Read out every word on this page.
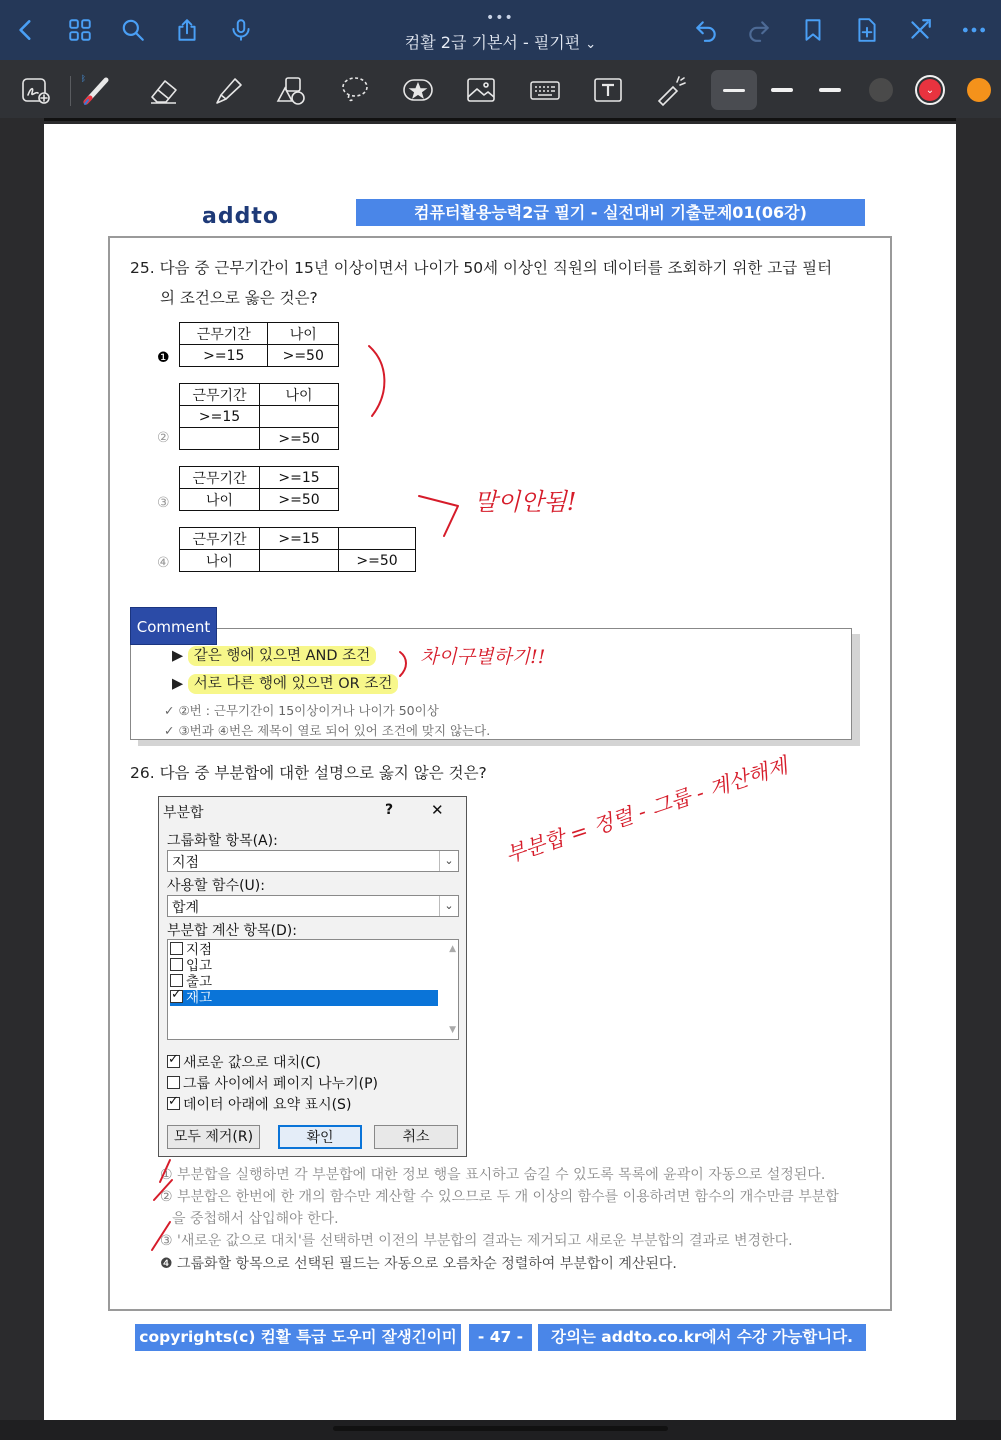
•••
컴활 2급 기본서 - 필기편 ⌄
ᛒ
⌄
addto	컴퓨터활용능력2급 필기 - 실전대비 기출문제01(06강)
25. 다음 중 근무기간이 15년 이상이면서 나이가 50세 이상인 직원의 데이터를 조회하기 위한 고급 필터
의 조건으로 옳은 것은?
❶
근무기간	나이
>=15	>=50
②
근무기간	나이
>=15	
	>=50
③
근무기간	>=15
나이	>=50
④
근무기간	>=15	
나이		>=50
Comment
▶ 같은 행에 있으면 AND 조건
▶ 서로 다른 행에 있으면 OR 조건
✓ ②번 : 근무기간이 15이상이거나 나이가 50이상
✓ ③번과 ④번은 제목이 열로 되어 있어 조건에 맞지 않는다.
26. 다음 중 부분합에 대한 설명으로 옳지 않은 것은?
부분합	?	✕
그룹화할 항목(A):
지점	⌄
사용할 함수(U):
합계	⌄
부분합 계산 항목(D):
지점
입고
출고
✓재고
▲
▼
✓새로운 값으로 대치(C)
그룹 사이에서 페이지 나누기(P)
✓데이터 아래에 요약 표시(S)
모두 제거(R)	확인	취소
① 부분합을 실행하면 각 부분합에 대한 정보 행을 표시하고 숨길 수 있도록 목록에 윤곽이 자동으로 설정된다.
② 부분합은 한번에 한 개의 함수만 계산할 수 있으므로 두 개 이상의 함수를 이용하려면 함수의 개수만큼 부분합
을 중첩해서 삽입해야 한다.
③ '새로운 값으로 대치'를 선택하면 이전의 부분합의 결과는 제거되고 새로운 부분합의 결과로 변경한다.
❹ 그룹화할 항목으로 선택된 필드는 자동으로 오름차순 정렬하여 부분합이 계산된다.
copyrights(c) 컴활 특급 도우미 잘생긴이미남
- 47 -	강의는 addto.co.kr에서 수강 가능합니다.
말이안됨!
차이구별하기!!
부분합 = 정렬 - 그룹 - 계산해제
